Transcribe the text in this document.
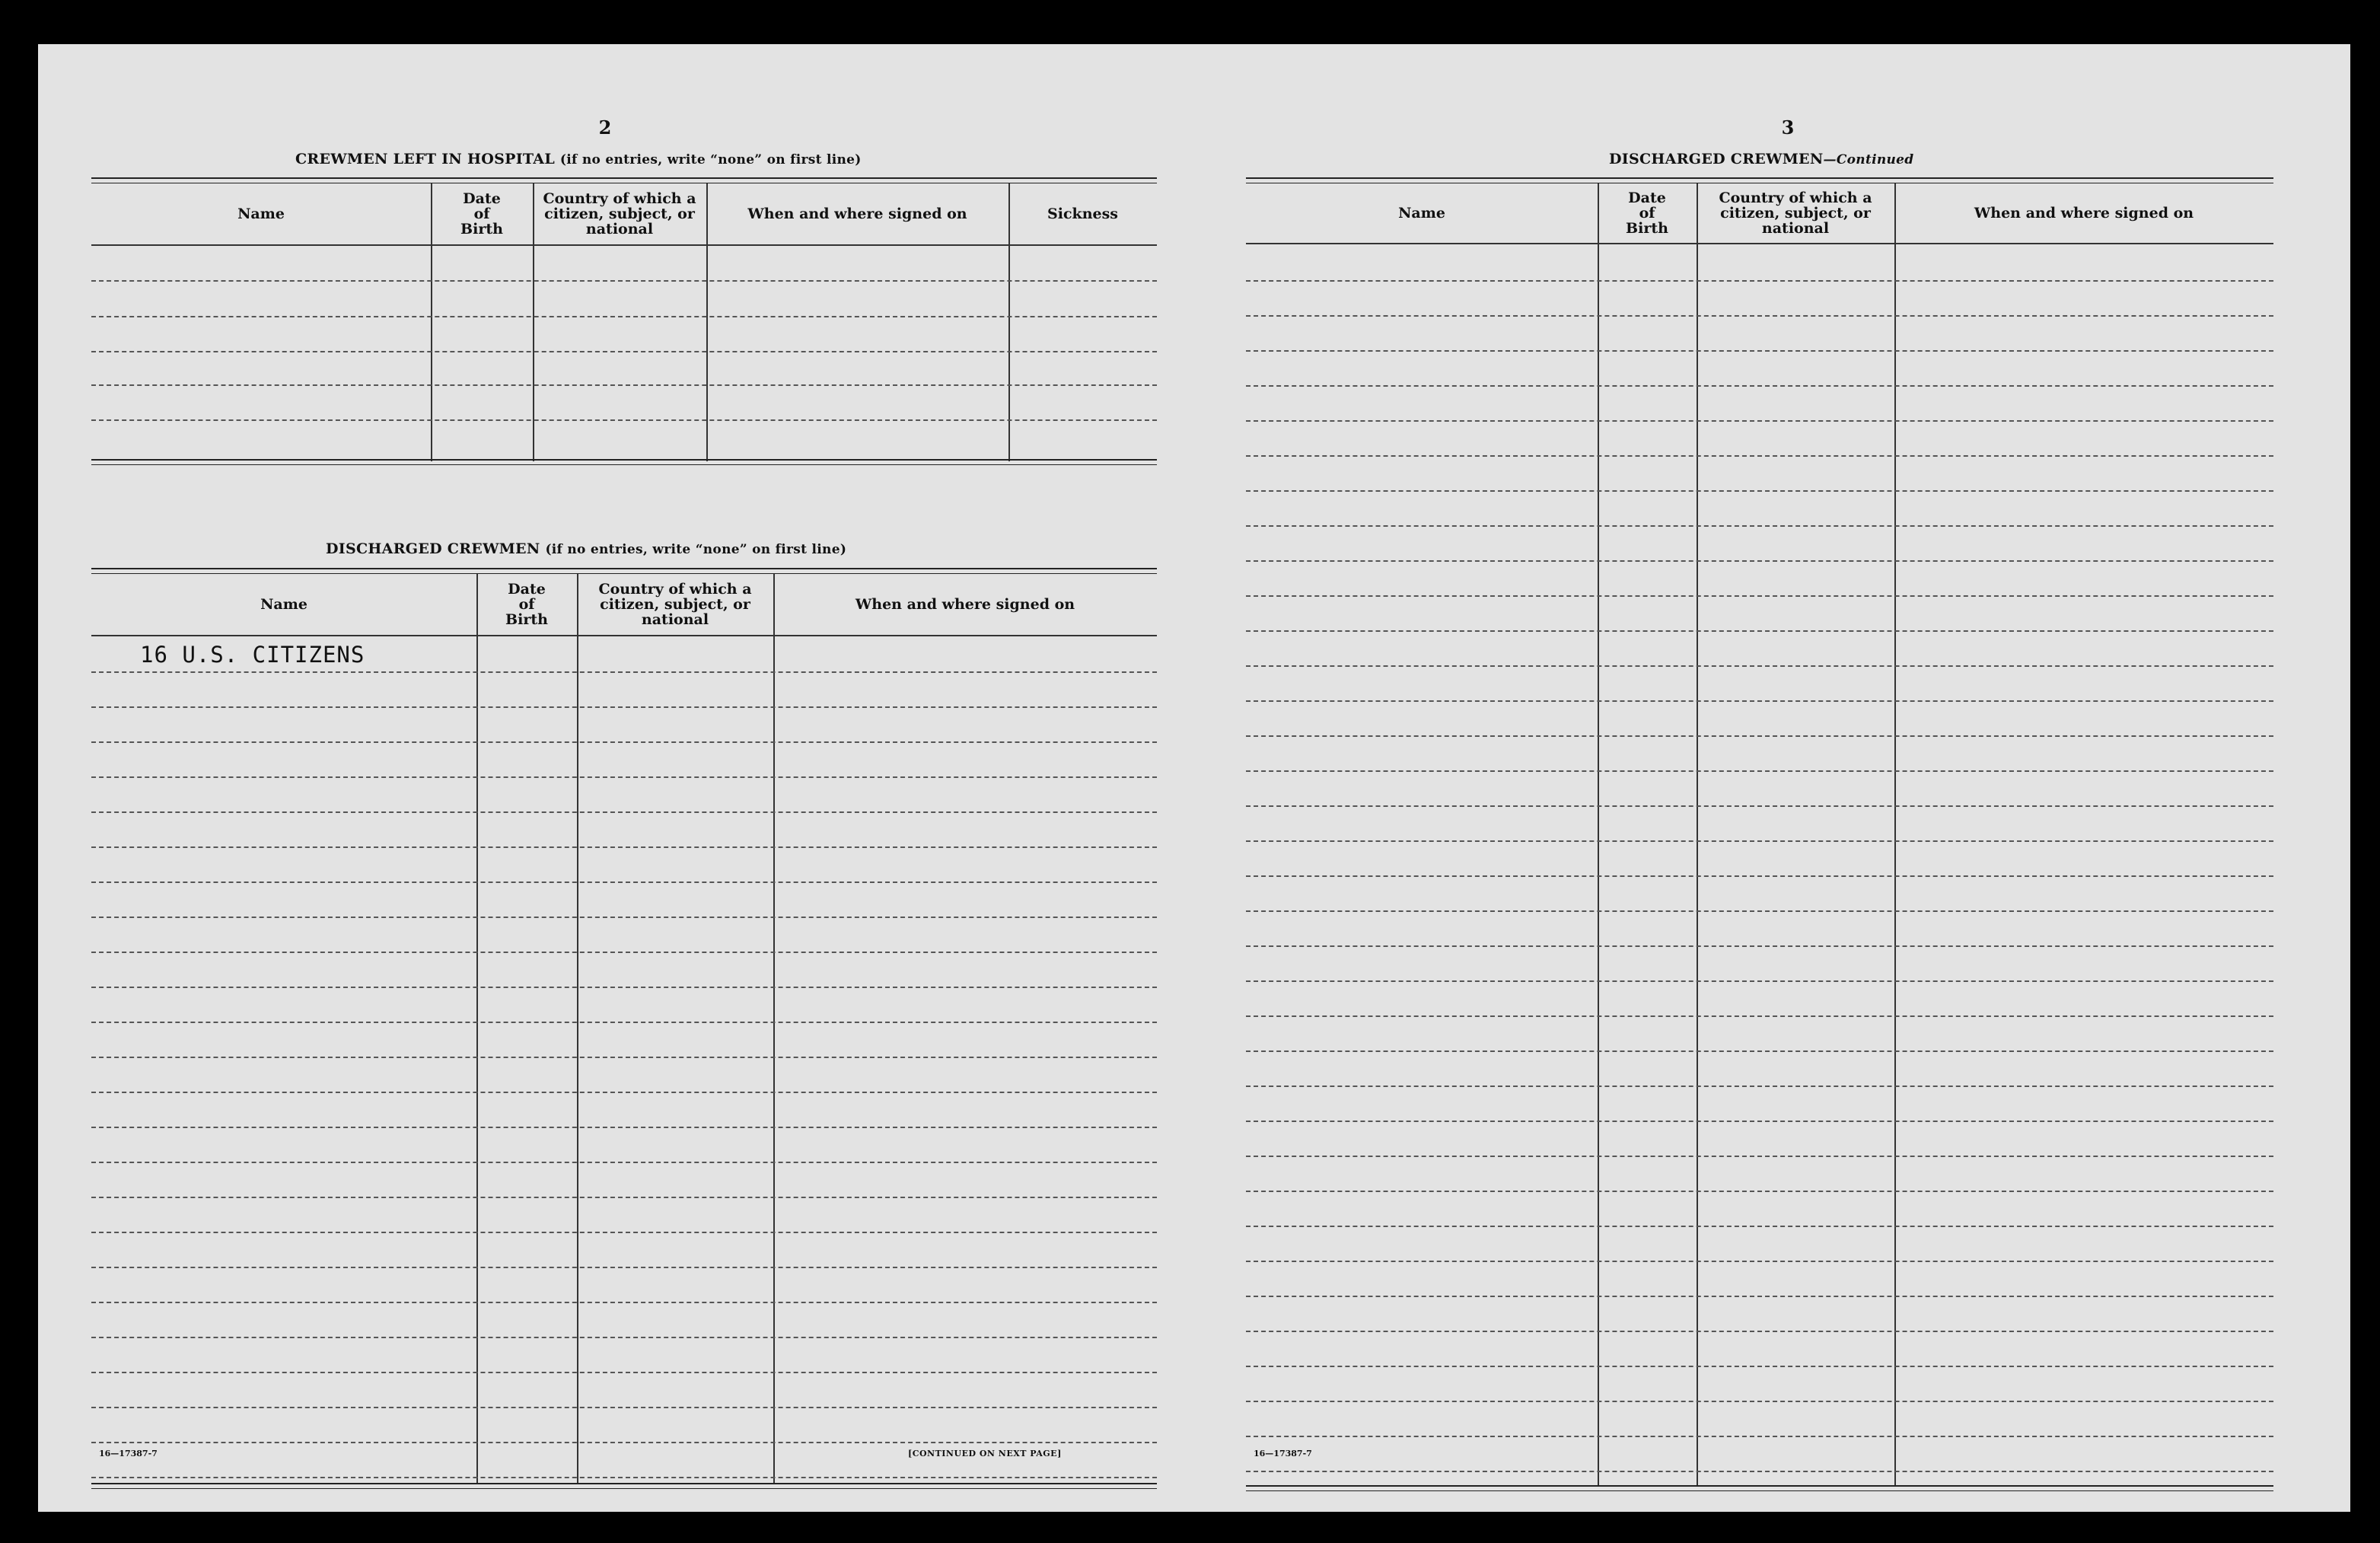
2
CREWMEN LEFT IN HOSPITAL (if no entries, write “none” on first line)
Name
Date
of
Birth
Country of which a
citizen, subject, or
national
When and where signed on	Sickness
DISCHARGED CREWMEN (if no entries, write “none” on first line)
Name
Date
of
Birth
Country of which a
citizen, subject, or
national
When and where signed on
16 U.S. CITIZENS
16—17387-7	[CONTINUED ON NEXT PAGE]
3
DISCHARGED CREWMEN—Continued
Name
Date
of
Birth
Country of which a
citizen, subject, or
national
When and where signed on
16—17387-7
